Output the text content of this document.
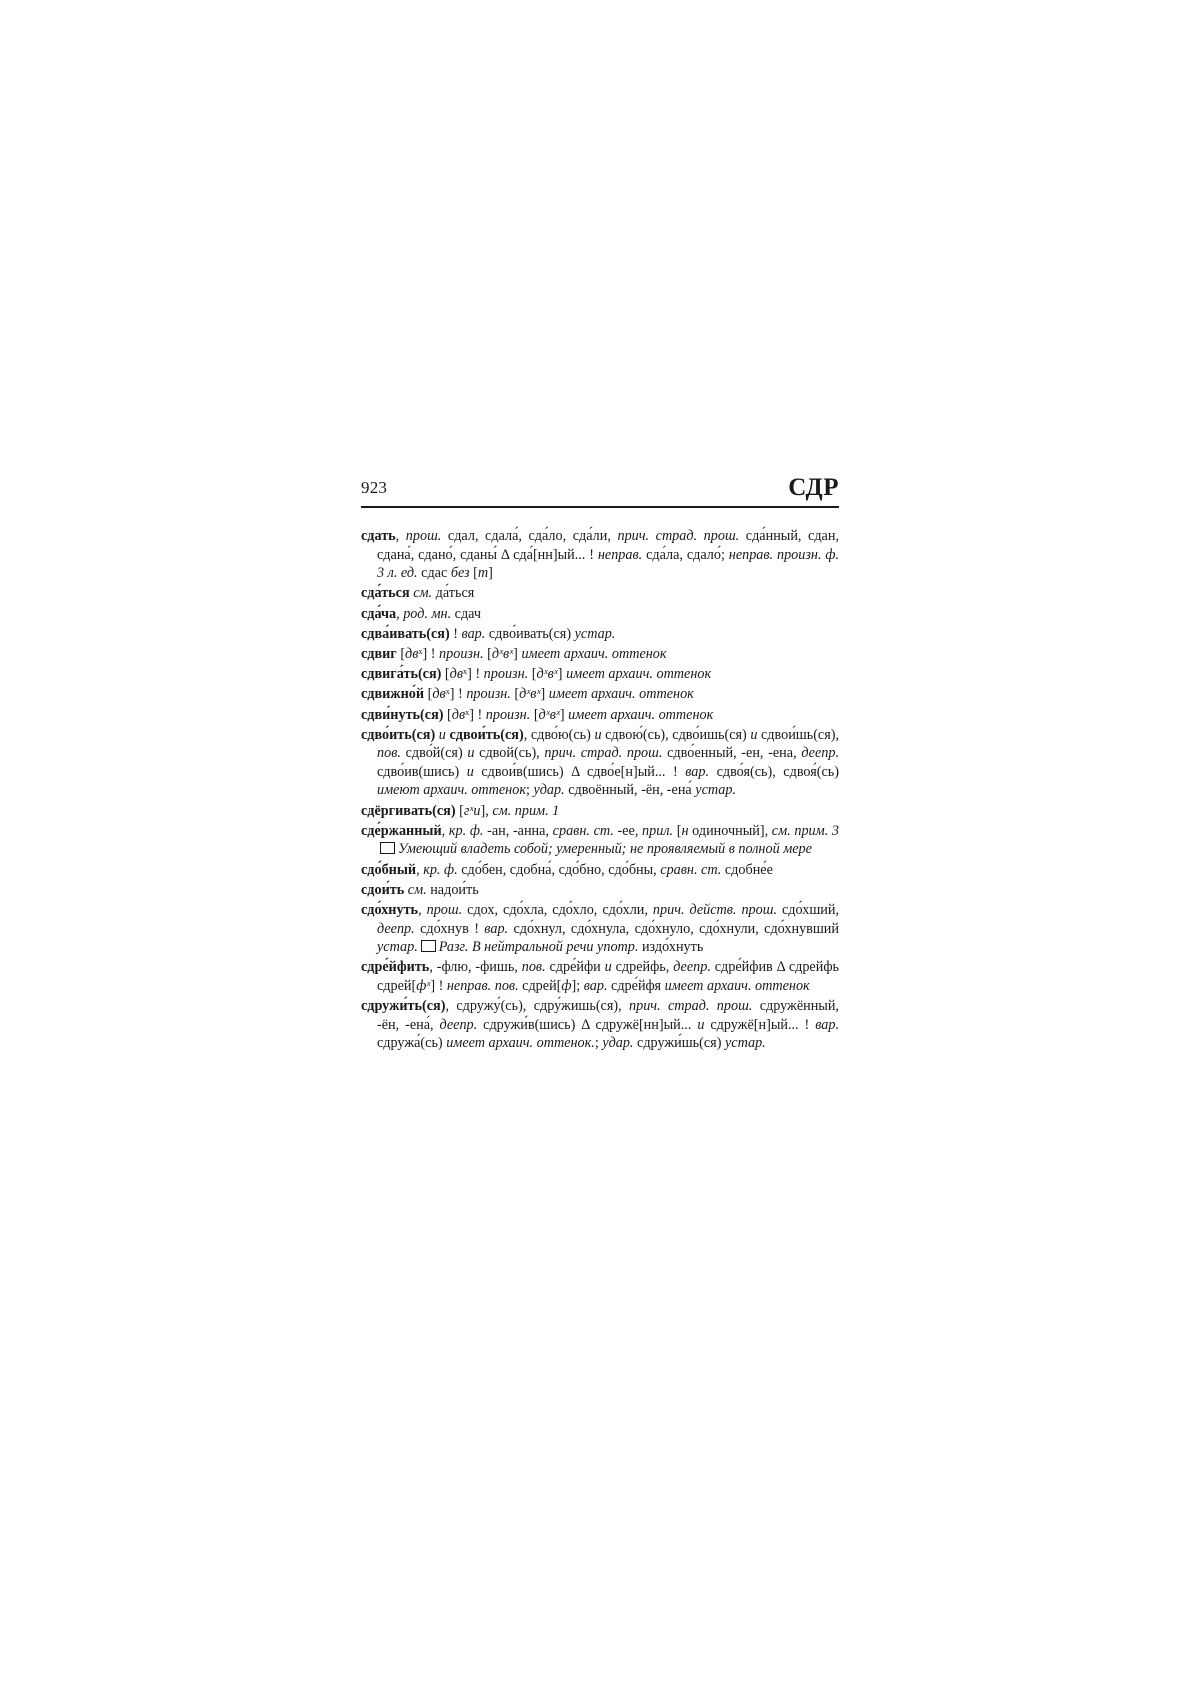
923	СДР

сдать, прош. сдал, сдала́, сда́ло, сда́ли, прич. страд. прош. сда́нный, сдан, сдана́, сдано́, сданы́ Δ сда́[нн]ый... ! неправ. сда́ла, сдало́; неправ. произн. ф. 3 л. ед. сдас без [т]

сда́ться см. да́ться

сда́ча, род. мн. сдач

сдва́ивать(ся) ! вар. сдво́ивать(ся) устар.

сдвиг [двˣ] ! произн. [дˣвˣ] имеет архаич. оттенок

сдвига́ть(ся) [двˣ] ! произн. [дˣвˣ] имеет архаич. оттенок

сдвижно́й [двˣ] ! произн. [дˣвˣ] имеет архаич. оттенок

сдви́нуть(ся) [двˣ] ! произн. [дˣвˣ] имеет архаич. оттенок

сдво́ить(ся) и сдвои́ть(ся), сдво́ю(сь) и сдвою́(сь), сдво́ишь(ся) и сдвои́шь(ся), пов. сдво́й(ся) и сдвой(сь), прич. страд. прош. сдво́енный, -ен, -ена, деепр. сдво́ив(шись) и сдвои́в(шись) Δ сдво́е[н]ый... ! вар. сдво́я(сь), сдвоя́(сь) имеют архаич. оттенок; удар. сдвоённый, -ён, -ена́ устар.

сдёргивать(ся) [гˣи], см. прим. 1

сде́ржанный, кр. ф. -ан, -анна, сравн. ст. -ее, прил. [н одиночный], см. прим. 3Умеющий владеть собой; умеренный; не проявляемый в полной мере

сдо́бный, кр. ф. сдо́бен, сдобна́, сдо́бно, сдо́бны, сравн. ст. сдобне́е

сдои́ть см. надои́ть

сдо́хнуть, прош. сдох, сдо́хла, сдо́хло, сдо́хли, прич. действ. прош. сдо́хший, деепр. сдо́хнув ! вар. сдо́хнул, сдо́хнула, сдо́хнуло, сдо́хнули, сдо́хнувший устар. Разг. В нейтральной речи употр. издо́хнуть

сдре́йфить, -флю, -фишь, пов. сдре́йфи и сдрейфь, деепр. сдре́йфив Δ сдрейфь сдрей[фˣ] ! неправ. пов. сдрей[ф]; вар. сдре́йфя имеет архаич. оттенок

сдружи́ть(ся), сдружу́(сь), сдру́жишь(ся), прич. страд. прош. сдружённый, -ён, -ена́, деепр. сдружи́в(шись) Δ сдружё[нн]ый... и сдружё[н]ый... ! вар. сдружа́(сь) имеет архаич. оттенок.; удар. сдружи́шь(ся) устар.
